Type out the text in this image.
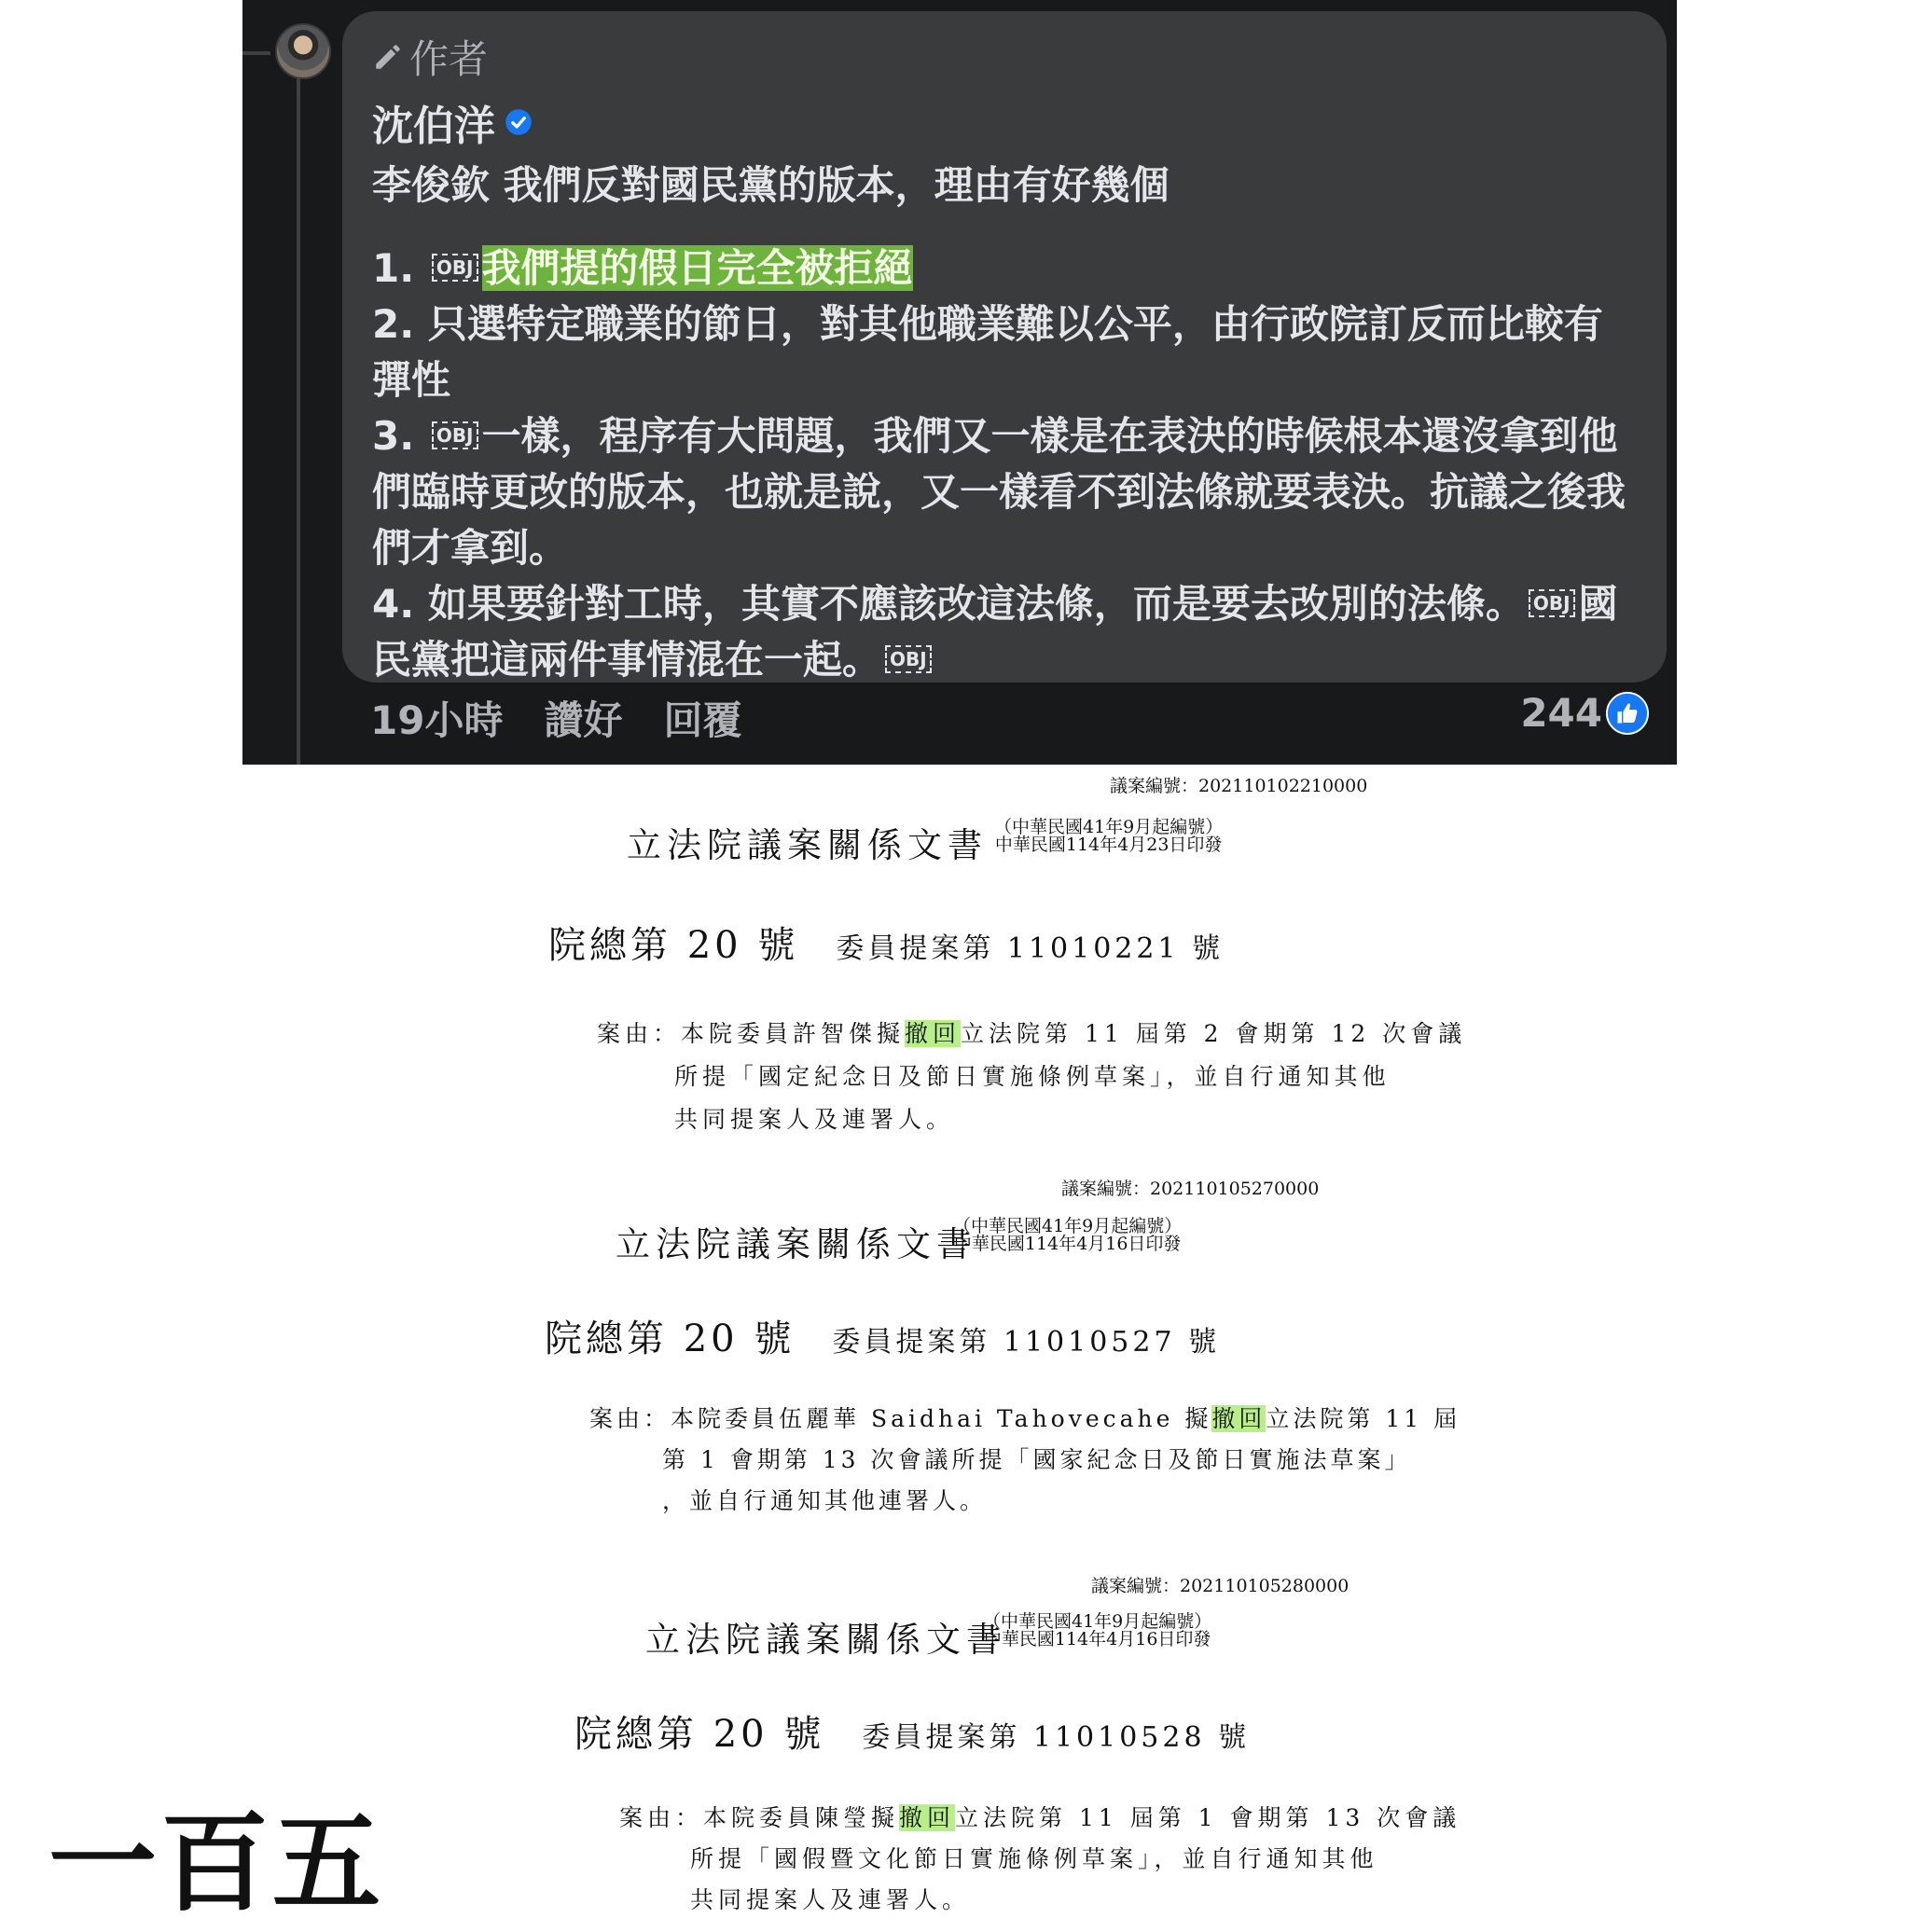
作者
沈伯洋
李俊欽 我們反對國民黨的版本，理由有好幾個

1. OBJ 我們提的假日完全被拒絕

2. 只選特定職業的節日，對其他職業難以公平，由行政院訂反而比較有彈性

3. OBJ 一樣，程序有大問題，我們又一樣是在表決的時候根本還沒拿到他們臨時更改的版本，也就是說，又一樣看不到法條就要表決。抗議之後我們才拿到。

4. 如果要針對工時，其實不應該改這法條，而是要去改別的法條。 OBJ 國民黨把這兩件事情混在一起。 OBJ

19小時 讚好 回覆	244
議案編號：202110102210000
立法院議案關係文書 （中華民國41年9月起編號）
中華民國114年4月23日印發
院總第 20 號 委員提案第 11010221 號
案由：本院委員許智傑擬撤回立法院第 11 屆第 2 會期第 12 次會議
所提「國定紀念日及節日實施條例草案」，並自行通知其他
共同提案人及連署人。
議案編號：202110105270000
立法院議案關係文書
（中華民國41年9月起編號）
中華民國114年4月16日印發
院總第 20 號 委員提案第 11010527 號
案由：本院委員伍麗華 Saidhai Tahovecahe 擬撤回立法院第 11 屆
第 1 會期第 13 次會議所提「國家紀念日及節日實施法草案」
，並自行通知其他連署人。
議案編號：202110105280000
立法院議案關係文書
（中華民國41年9月起編號）
中華民國114年4月16日印發
院總第 20 號 委員提案第 11010528 號
案由：本院委員陳瑩擬撤回立法院第 11 屆第 1 會期第 13 次會議
所提「國假暨文化節日實施條例草案」，並自行通知其他
共同提案人及連署人。
一百五
